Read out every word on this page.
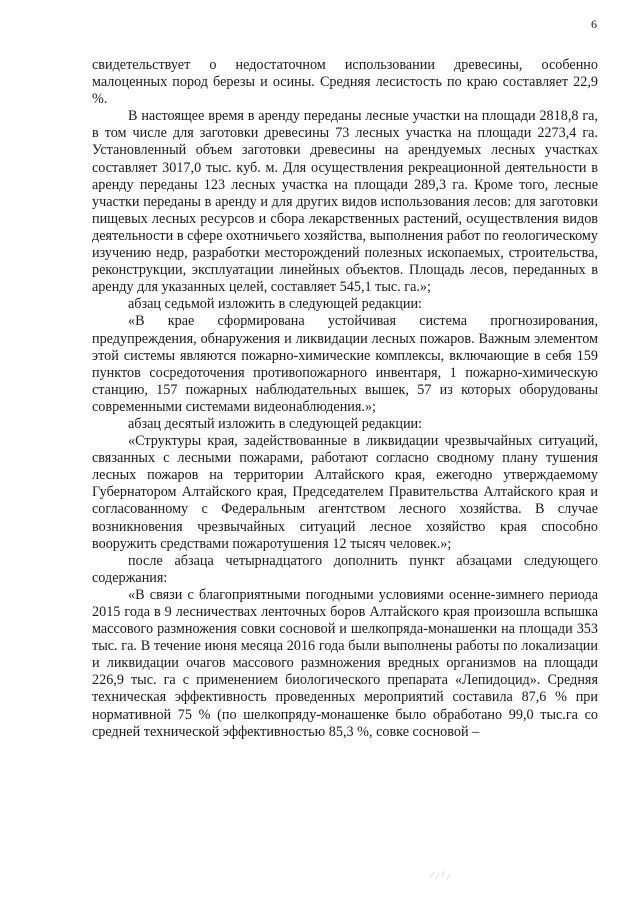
6

свидетельствует о недостаточном использовании древесины, особенно малоценных пород березы и осины. Средняя лесистость по краю составляет 22,9 %.

В настоящее время в аренду переданы лесные участки на площади 2818,8 га, в том числе для заготовки древесины 73 лесных участка на площади 2273,4 га. Установленный объем заготовки древесины на арендуемых лесных участках составляет 3017,0 тыс. куб. м. Для осуществления рекреационной деятельности в аренду переданы 123 лесных участка на площади 289,3 га. Кроме того, лесные участки переданы в аренду и для других видов использования лесов: для заготовки пищевых лесных ресурсов и сбора лекарственных растений, осуществления видов деятельности в сфере охотничьего хозяйства, выполнения работ по геологическому изучению недр, разработки месторождений полезных ископаемых, строительства, реконструкции, эксплуатации линейных объектов. Площадь лесов, переданных в аренду для указанных целей, составляет 545,1 тыс. га.»;

абзац седьмой изложить в следующей редакции:

«В крае сформирована устойчивая система прогнозирования, предупреждения, обнаружения и ликвидации лесных пожаров. Важным элементом этой системы являются пожарно-химические комплексы, включающие в себя 159 пунктов сосредоточения противопожарного инвентаря, 1 пожарно-химическую станцию, 157 пожарных наблюдательных вышек, 57 из которых оборудованы современными системами видеонаблюдения.»;

абзац десятый изложить в следующей редакции:

«Структуры края, задействованные в ликвидации чрезвычайных ситуаций, связанных с лесными пожарами, работают согласно сводному плану тушения лесных пожаров на территории Алтайского края, ежегодно утверждаемому Губернатором Алтайского края, Председателем Правительства Алтайского края и согласованному с Федеральным агентством лесного хозяйства. В случае возникновения чрезвычайных ситуаций лесное хозяйство края способно вооружить средствами пожаротушения 12 тысяч человек.»;

после абзаца четырнадцатого дополнить пункт абзацами следующего содержания:

«В связи с благоприятными погодными условиями осенне-зимнего периода 2015 года в 9 лесничествах ленточных боров Алтайского края произошла вспышка массового размножения совки сосновой и шелкопряда-монашенки на площади 353 тыс. га. В течение июня месяца 2016 года были выполнены работы по локализации и ликвидации очагов массового размножения вредных организмов на площади 226,9 тыс. га с применением биологического препарата «Лепидоцид». Средняя техническая эффективность проведенных мероприятий составила 87,6 % при нормативной 75 % (по шелкопряду-монашенке было обработано 99,0 тыс.га со средней технической эффективностью 85,3 %, совке сосновой –
